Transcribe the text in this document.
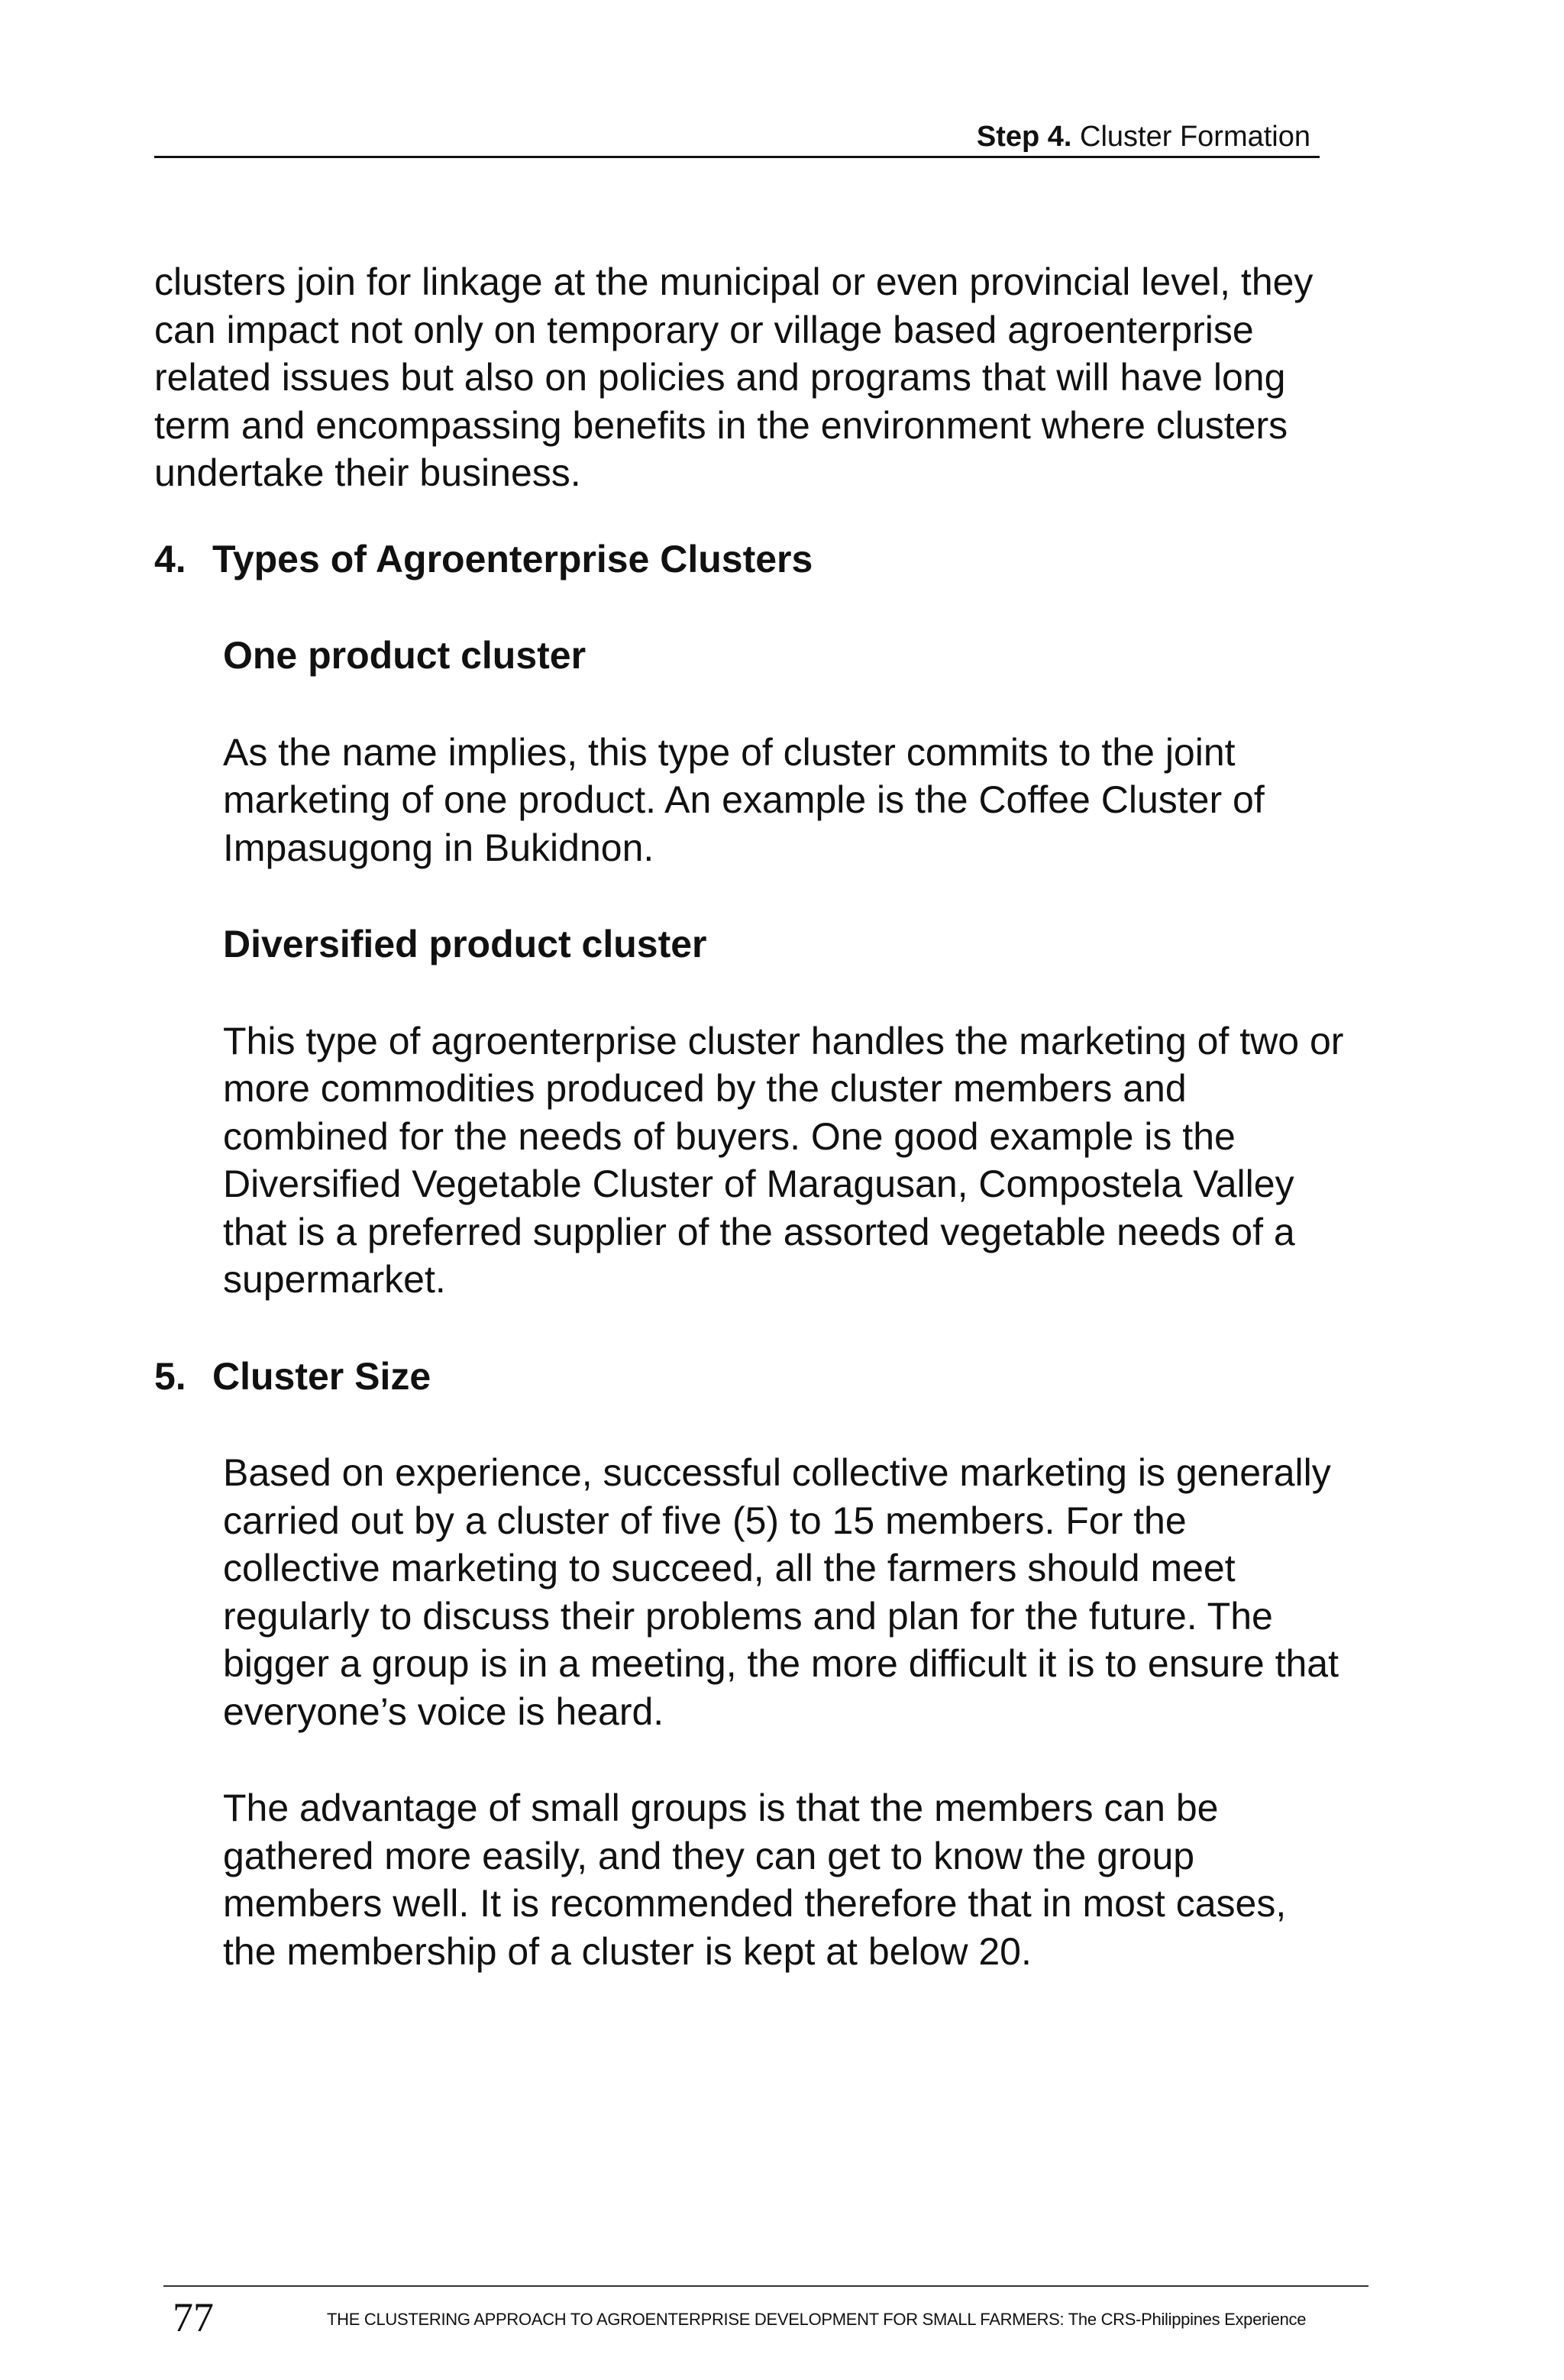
Step 4. Cluster Formation

clusters join for linkage at the municipal or even provincial level, they can impact not only on temporary or village based agroenterprise related issues but also on policies and programs that will have long term and encompassing benefits in the environment where clusters undertake their business.

4. Types of Agroenterprise Clusters
One product cluster

As the name implies, this type of cluster commits to the joint marketing of one product. An example is the Coffee Cluster of Impasugong in Bukidnon.

Diversified product cluster

This type of agroenterprise cluster handles the marketing of two or more commodities produced by the cluster members and combined for the needs of buyers. One good example is the Diversified Vegetable Cluster of Maragusan, Compostela Valley that is a preferred supplier of the assorted vegetable needs of a supermarket.

5. Cluster Size

Based on experience, successful collective marketing is generally carried out by a cluster of five (5) to 15 members. For the collective marketing to succeed, all the farmers should meet regularly to discuss their problems and plan for the future. The bigger a group is in a meeting, the more difficult it is to ensure that everyone’s voice is heard.

The advantage of small groups is that the members can be gathered more easily, and they can get to know the group members well. It is recommended therefore that in most cases, the membership of a cluster is kept at below 20.

77	THE CLUSTERING APPROACH TO AGROENTERPRISE DEVELOPMENT FOR SMALL FARMERS: The CRS-Philippines Experience
